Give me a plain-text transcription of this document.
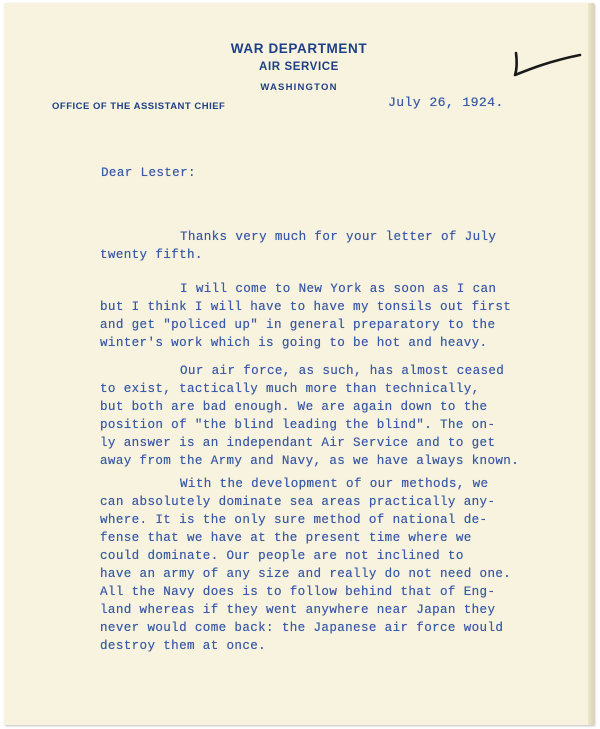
WAR DEPARTMENT
AIR SERVICE
WASHINGTON
OFFICE OF THE ASSISTANT CHIEF	July 26, 1924.
Dear Lester:

Thanks very much for your letter of July

twenty fifth.

I will come to New York as soon as I can

but I think I will have to have my tonsils out first

and get "policed up" in general preparatory to the

winter's work which is going to be hot and heavy.

Our air force, as such, has almost ceased

to exist, tactically much more than technically,

but both are bad enough. We are again down to the

position of "the blind leading the blind". The on-

ly answer is an independant Air Service and to get

away from the Army and Navy, as we have always known.

With the development of our methods, we

can absolutely dominate sea areas practically any-

where. It is the only sure method of national de-

fense that we have at the present time where we

could dominate. Our people are not inclined to

have an army of any size and really do not need one.

All the Navy does is to follow behind that of Eng-

land whereas if they went anywhere near Japan they

never would come back: the Japanese air force would

destroy them at once.
